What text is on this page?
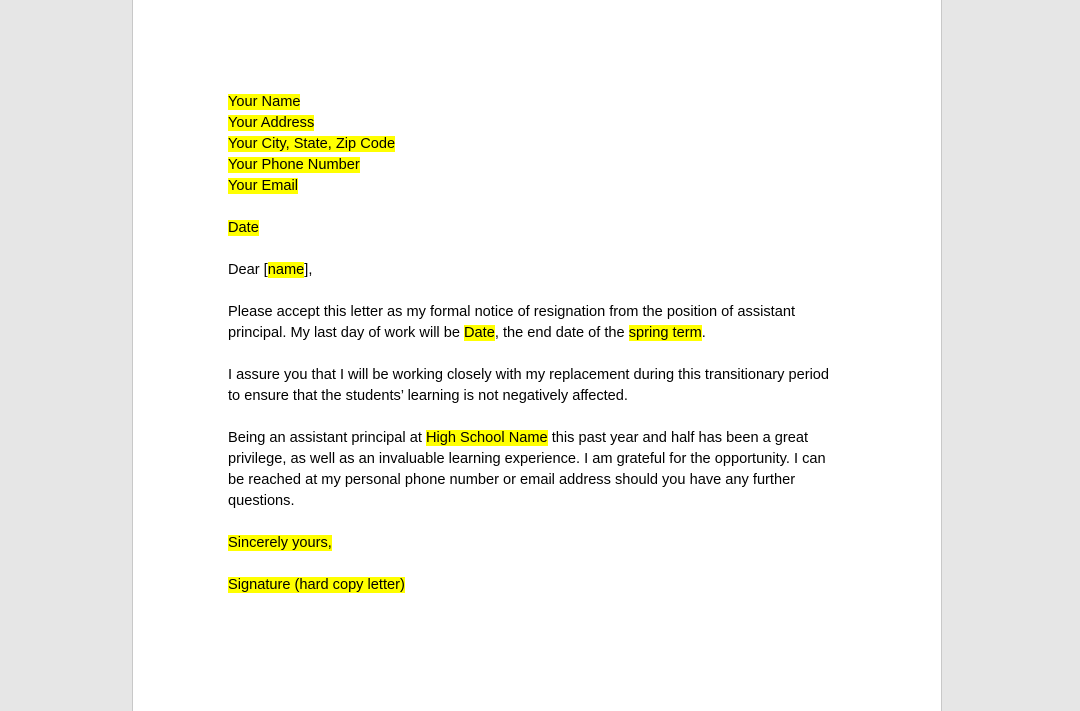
Your Name
Your Address
Your City, State, Zip Code
Your Phone Number
Your Email
Date
Dear [name],
Please accept this letter as my formal notice of resignation from the position of assistant
principal. My last day of work will be Date, the end date of the spring term.
I assure you that I will be working closely with my replacement during this transitionary period
to ensure that the students’ learning is not negatively affected.
Being an assistant principal at High School Name this past year and half has been a great
privilege, as well as an invaluable learning experience. I am grateful for the opportunity. I can
be reached at my personal phone number or email address should you have any further
questions.
Sincerely yours,
Signature (hard copy letter)
